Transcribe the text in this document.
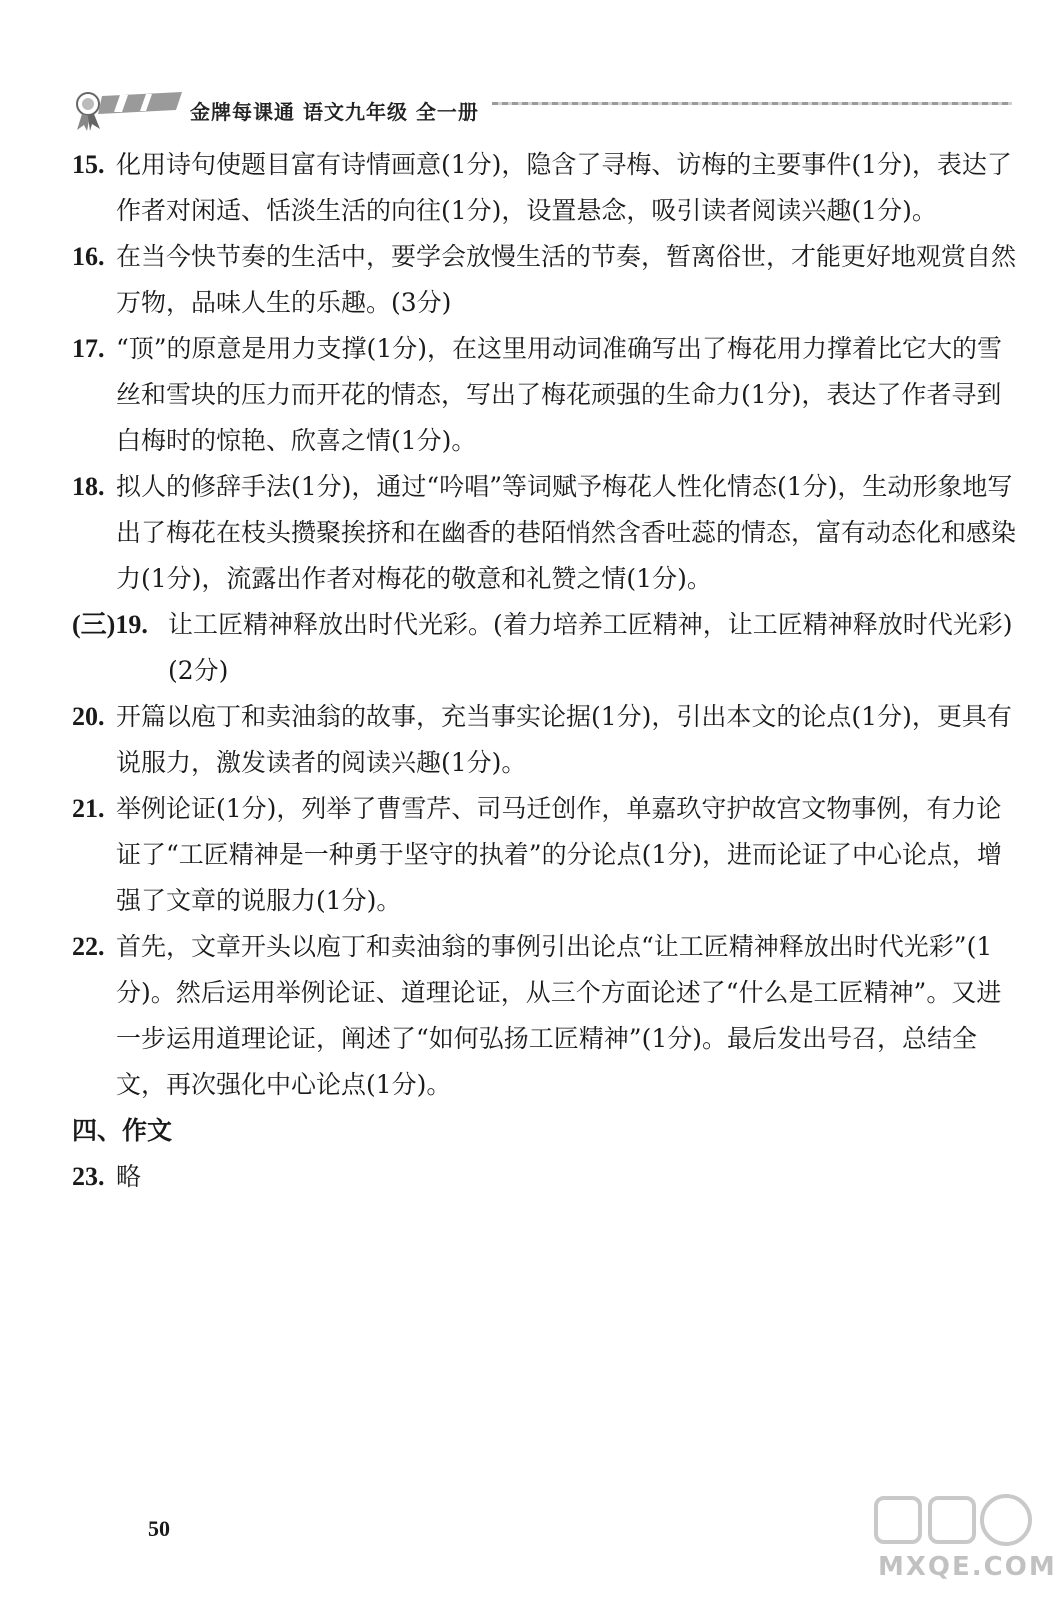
金牌每课通 语文九年级 全一册

15. 化用诗句使题目富有诗情画意(1分)，隐含了寻梅、访梅的主要事件(1分)，表达了作者对闲适、恬淡生活的向往(1分)，设置悬念，吸引读者阅读兴趣(1分)。

16. 在当今快节奏的生活中，要学会放慢生活的节奏，暂离俗世，才能更好地观赏自然万物，品味人生的乐趣。(3分)

17. “顶”的原意是用力支撑(1分)，在这里用动词准确写出了梅花用力撑着比它大的雪丝和雪块的压力而开花的情态，写出了梅花顽强的生命力(1分)，表达了作者寻到白梅时的惊艳、欣喜之情(1分)。

18. 拟人的修辞手法(1分)，通过“吟唱”等词赋予梅花人性化情态(1分)，生动形象地写出了梅花在枝头攒聚挨挤和在幽香的巷陌悄然含香吐蕊的情态，富有动态化和感染力(1分)，流露出作者对梅花的敬意和礼赞之情(1分)。

(三)19. 让工匠精神释放出时代光彩。(着力培养工匠精神，让工匠精神释放时代光彩)(2分)

20. 开篇以庖丁和卖油翁的故事，充当事实论据(1分)，引出本文的论点(1分)，更具有说服力，激发读者的阅读兴趣(1分)。

21. 举例论证(1分)，列举了曹雪芹、司马迁创作，单嘉玖守护故宫文物事例，有力论证了“工匠精神是一种勇于坚守的执着”的分论点(1分)，进而论证了中心论点，增强了文章的说服力(1分)。

22. 首先，文章开头以庖丁和卖油翁的事例引出论点“让工匠精神释放出时代光彩”(1分)。然后运用举例论证、道理论证，从三个方面论述了“什么是工匠精神”。又进一步运用道理论证，阐述了“如何弘扬工匠精神”(1分)。最后发出号召，总结全文，再次强化中心论点(1分)。

四、作文

23. 略

50
MXQE.COM
